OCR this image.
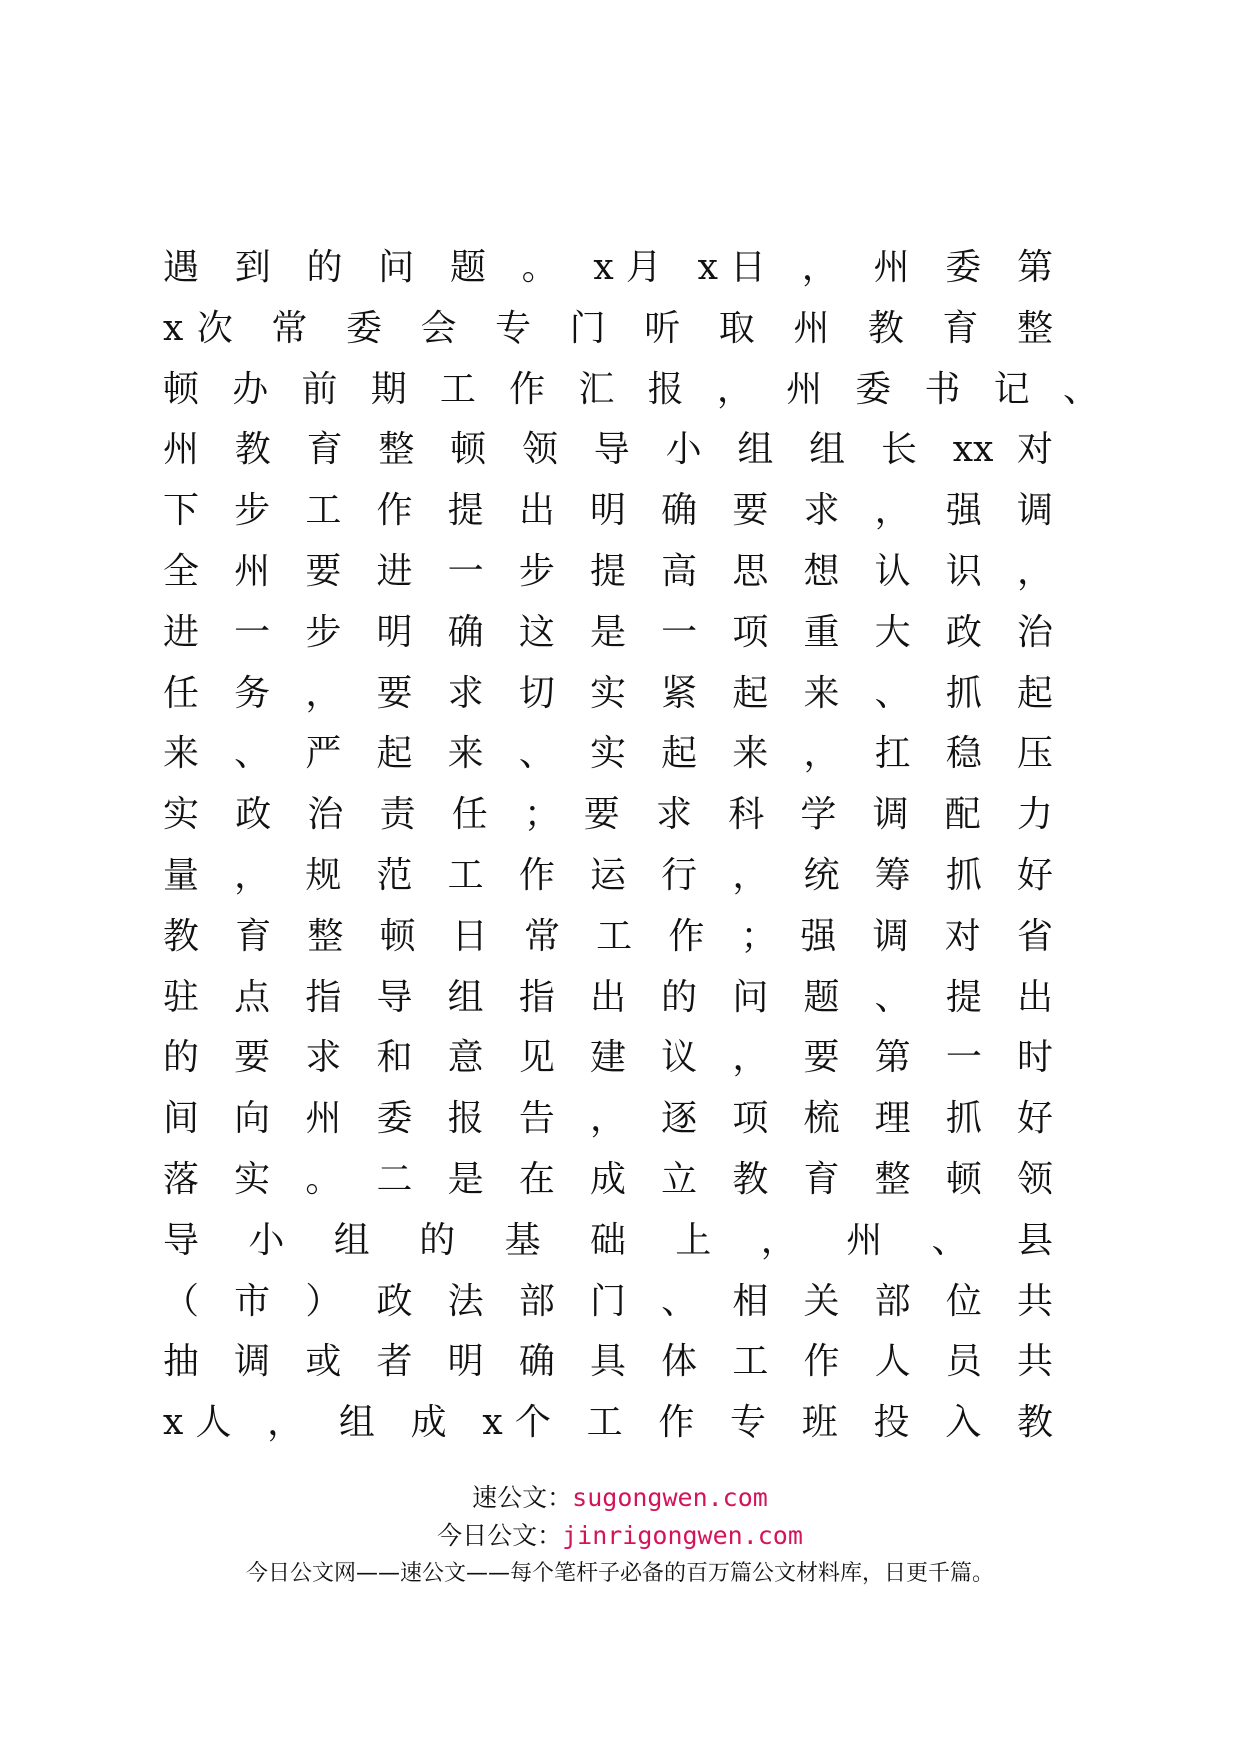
遇 到 的 问 题 。 x月 x日 ， 州 委 第
x次 常 委 会 专 门 听 取 州 教 育 整
顿 办 前 期 工 作 汇 报 ， 州 委 书 记 、
州 教 育 整 顿 领 导 小 组 组 长 xx 对
下 步 工 作 提 出 明 确 要 求 ， 强 调
全 州 要 进 一 步 提 高 思 想 认 识 ，
进 一 步 明 确 这 是 一 项 重 大 政 治
任 务 ， 要 求 切 实 紧 起 来 、 抓 起
来 、 严 起 来 、 实 起 来 ， 扛 稳 压
实 政 治 责 任 ； 要 求 科 学 调 配 力
量 ， 规 范 工 作 运 行 ， 统 筹 抓 好
教 育 整 顿 日 常 工 作 ； 强 调 对 省
驻 点 指 导 组 指 出 的 问 题 、 提 出
的 要 求 和 意 见 建 议 ， 要 第 一 时
间 向 州 委 报 告 ， 逐 项 梳 理 抓 好
落 实 。 二 是 在 成 立 教 育 整 顿 领
导 小 组 的 基 础 上 ， 州 、 县
（ 市 ） 政 法 部 门 、 相 关 部 位 共
抽 调 或 者 明 确 具 体 工 作 人 员 共
x人 ， 组 成 x个 工 作 专 班 投 入 教
速公文：sugongwen.com
今日公文：jinrigongwen.com
今日公文网——速公文——每个笔杆子必备的百万篇公文材料库，日更千篇。
